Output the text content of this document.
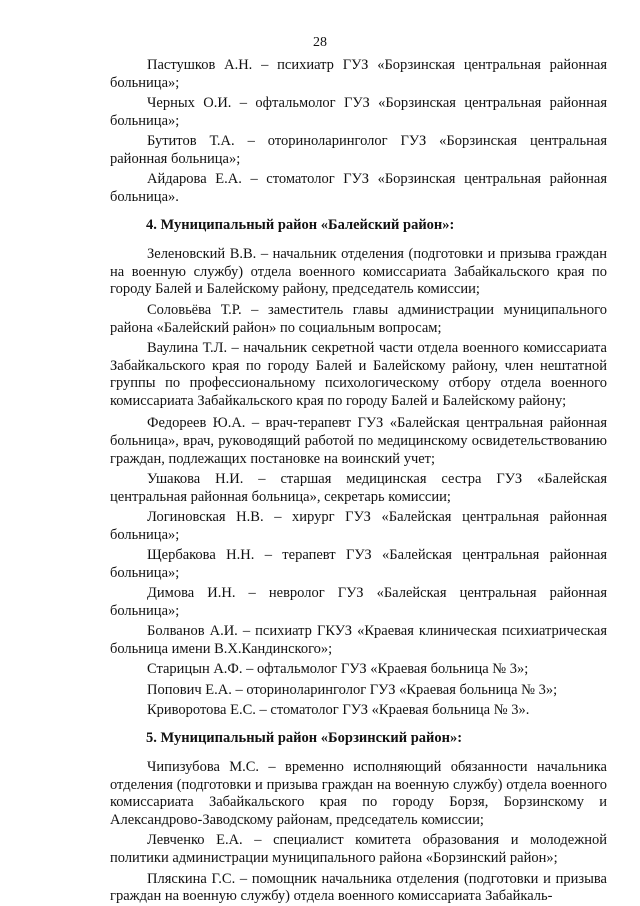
28

Пастушков А.Н. – психиатр ГУЗ «Борзинская центральная районная больница»;

Черных О.И. – офтальмолог ГУЗ «Борзинская центральная районная больница»;

Бутитов Т.А. – оториноларинголог ГУЗ «Борзинская центральная районная больница»;

Айдарова Е.А. – стоматолог ГУЗ «Борзинская центральная районная больница».

4. Муниципальный район «Балейский район»:

Зеленовский В.В. – начальник отделения (подготовки и призыва граждан на военную службу) отдела военного комиссариата Забайкальского края по городу Балей и Балейскому району, председатель комиссии;

Соловьёва Т.Р. – заместитель главы администрации муниципального района «Балейский район» по социальным вопросам;

Ваулина Т.Л. – начальник секретной части отдела военного комиссариата Забайкальского края по городу Балей и Балейскому району, член нештатной группы по профессиональному психологическому отбору отдела военного комиссариата Забайкальского края по городу Балей и Балейскому району;

Федореев Ю.А. – врач-терапевт ГУЗ «Балейская центральная районная больница», врач, руководящий работой по медицинскому освидетельствованию граждан, подлежащих постановке на воинский учет;

Ушакова Н.И. – старшая медицинская сестра ГУЗ «Балейская центральная районная больница», секретарь комиссии;

Логиновская Н.В. – хирург ГУЗ «Балейская центральная районная больница»;

Щербакова Н.Н. – терапевт ГУЗ «Балейская центральная районная больница»;

Димова И.Н. – невролог ГУЗ «Балейская центральная районная больница»;

Болванов А.И. – психиатр ГКУЗ «Краевая клиническая психиатрическая больница имени В.Х.Кандинского»;

Старицын А.Ф. – офтальмолог ГУЗ «Краевая больница № 3»;

Попович Е.А. – оториноларинголог ГУЗ «Краевая больница № 3»;

Криворотова Е.С. – стоматолог ГУЗ «Краевая больница № 3».

5. Муниципальный район «Борзинский район»:

Чипизубова М.С. – временно исполняющий обязанности начальника отделения (подготовки и призыва граждан на военную службу) отдела военного комиссариата Забайкальского края по городу Борзя, Борзинскому и Александрово-Заводскому районам, председатель комиссии;

Левченко Е.А. – специалист комитета образования и молодежной политики администрации муниципального района «Борзинский район»;

Пляскина Г.С. – помощник начальника отделения (подготовки и призыва граждан на военную службу) отдела военного комиссариата Забайкаль-
